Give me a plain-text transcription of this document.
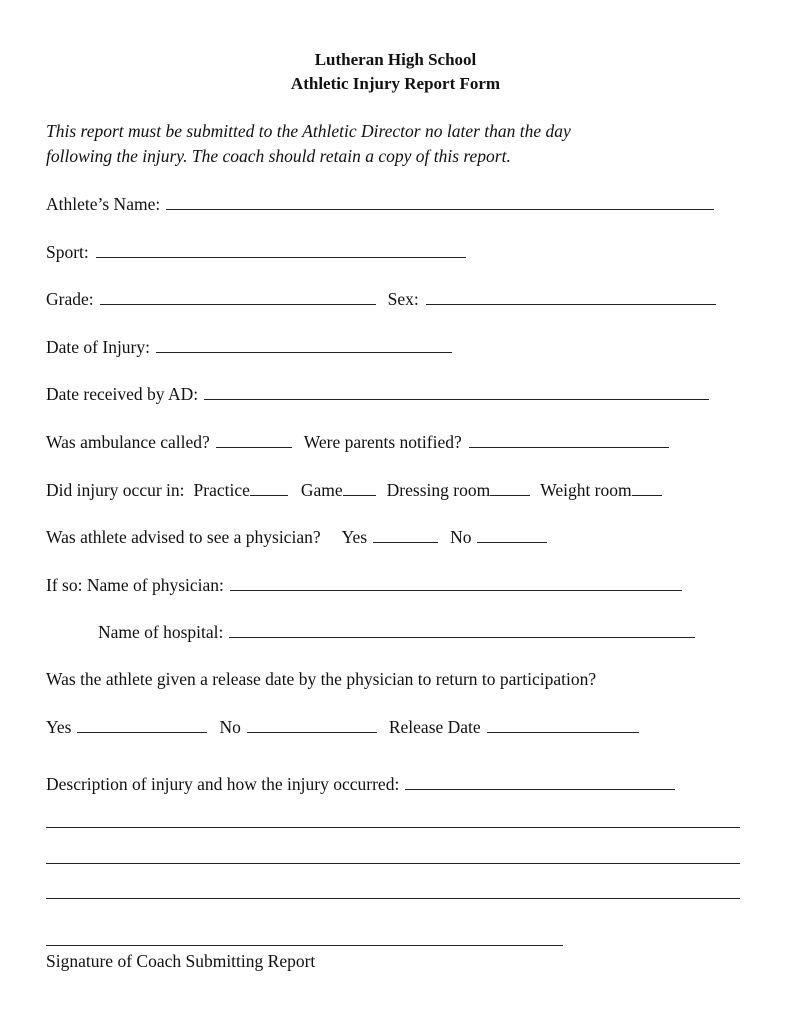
Lutheran High School
Athletic Injury Report Form
This report must be submitted to the Athletic Director no later than the day
following the injury. The coach should retain a copy of this report.
Athlete’s Name:
Sport:
Grade:	Sex:
Date of Injury:
Date received by AD:
Was ambulance called?	Were parents notified?
Did injury occur in: Practice	Game	Dressing room	Weight room
Was athlete advised to see a physician? Yes	No
If so: Name of physician:
Name of hospital:
Was the athlete given a release date by the physician to return to participation?
Yes	No	Release Date
Description of injury and how the injury occurred:
Signature of Coach Submitting Report
